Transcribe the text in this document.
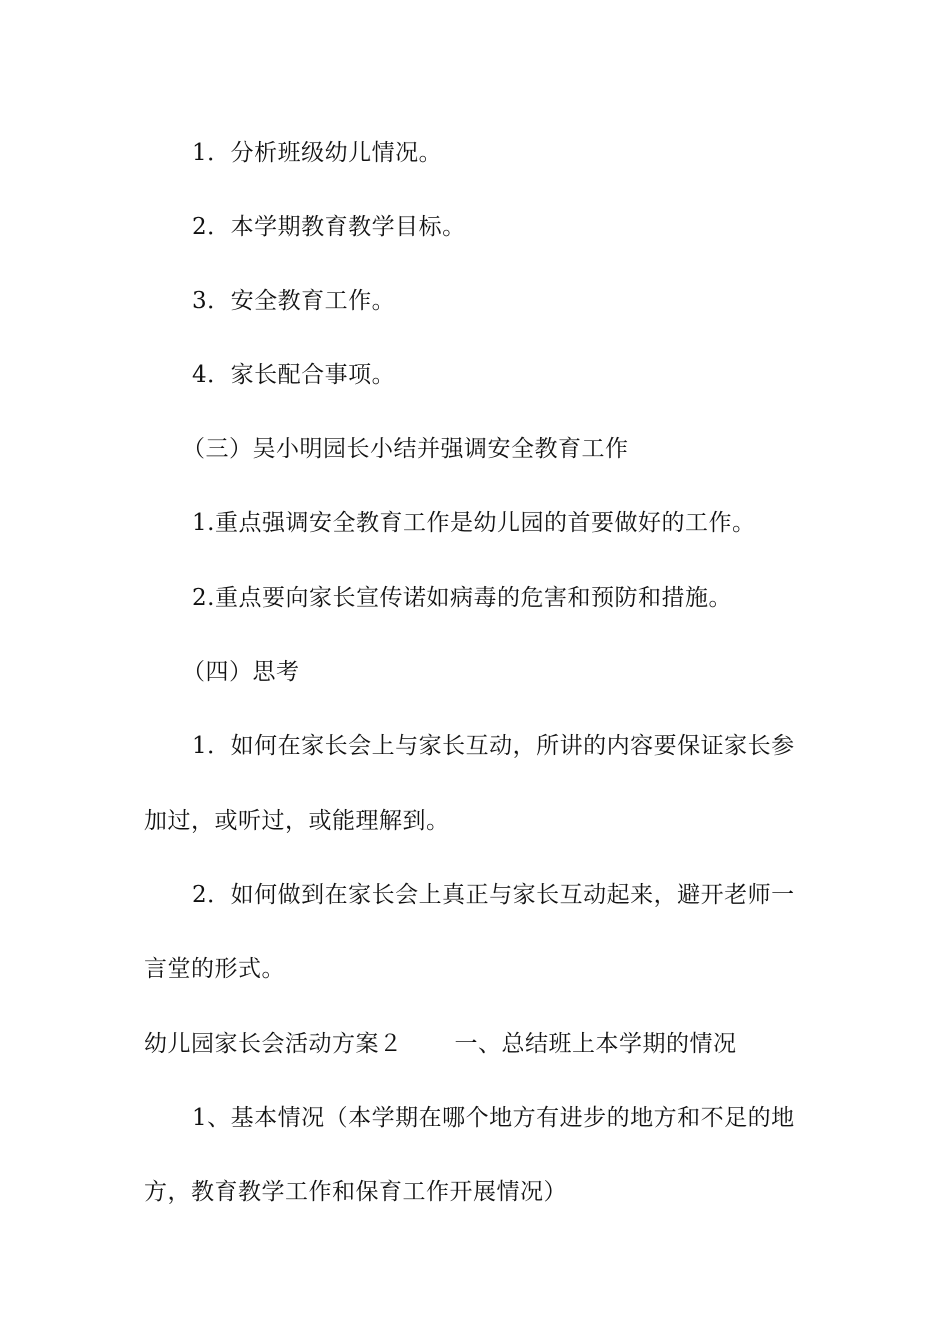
1．分析班级幼儿情况。
2．本学期教育教学目标。
3．安全教育工作。
4．家长配合事项。
（三）吴小明园长小结并强调安全教育工作
1.重点强调安全教育工作是幼儿园的首要做好的工作。
2.重点要向家长宣传诺如病毒的危害和预防和措施。
（四）思考
1．如何在家长会上与家长互动，所讲的内容要保证家长参
加过，或听过，或能理解到。
2．如何做到在家长会上真正与家长互动起来，避开老师一
言堂的形式。
幼儿园家长会活动方案２ 一、总结班上本学期的情况
1、基本情况（本学期在哪个地方有进步的地方和不足的地
方，教育教学工作和保育工作开展情况）
